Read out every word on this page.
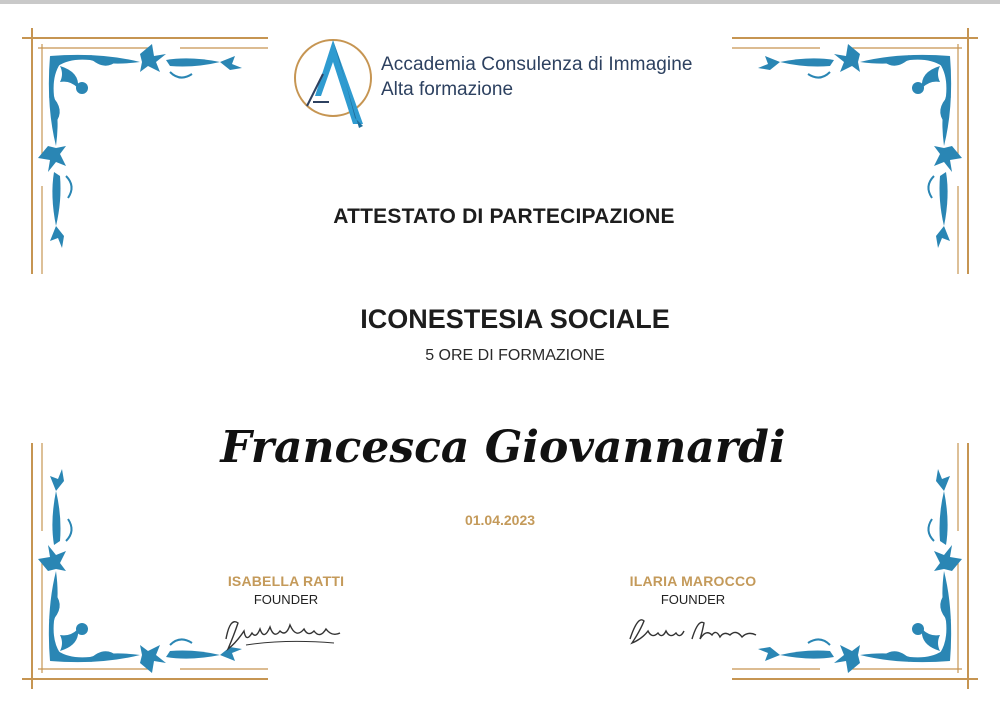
Accademia Consulenza di Immagine
Alta formazione
ATTESTATO DI PARTECIPAZIONE
ICONESTESIA SOCIALE
5 ORE DI FORMAZIONE
Francesca Giovannardi
01.04.2023
ISABELLA RATTI
FOUNDER
ILARIA MAROCCO
FOUNDER
